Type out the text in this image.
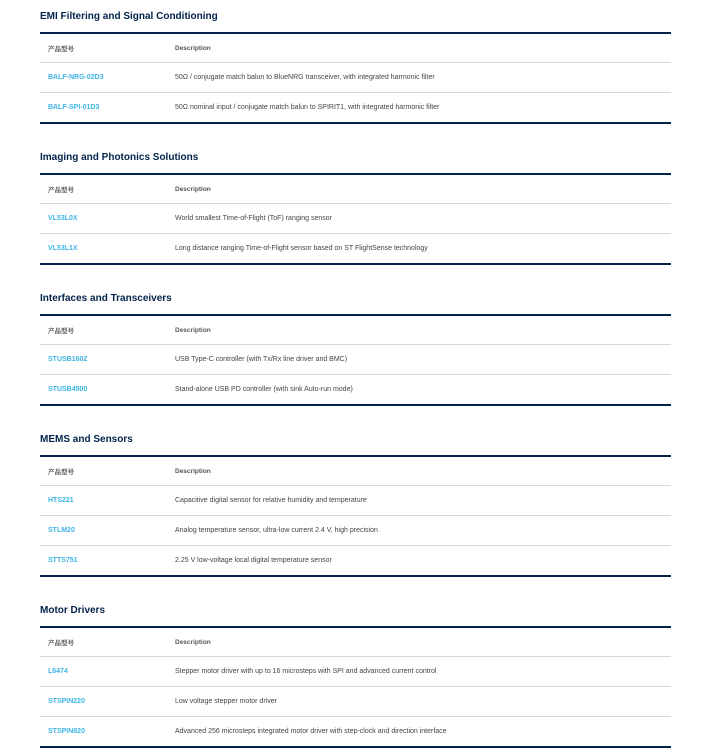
EMI Filtering and Signal Conditioning
产品型号	Description
BALF-NRG-02D3	50Ω / conjugate match balun to BlueNRG transceiver, with integrated harmonic filter
BALF-SPI-01D3	50Ω nominal input / conjugate match balun to SPIRIT1, with integrated harmonic filter
Imaging and Photonics Solutions
产品型号	Description
VL53L0X	World smallest Time-of-Flight (ToF) ranging sensor
VL53L1X	Long distance ranging Time-of-Flight sensor based on ST FlightSense technology
Interfaces and Transceivers
产品型号	Description
STUSB1602	USB Type-C controller (with Tx/Rx line driver and BMC)
STUSB4500	Stand-alone USB PD controller (with sink Auto-run mode)
MEMS and Sensors
产品型号	Description
HTS221	Capacitive digital sensor for relative humidity and temperature
STLM20	Analog temperature sensor, ultra-low current 2.4 V, high precision
STTS751	2.25 V low-voltage local digital temperature sensor
Motor Drivers
产品型号	Description
L6474	Stepper motor driver with up to 16 microsteps with SPI and advanced current control
STSPIN220	Low voltage stepper motor driver
STSPIN820	Advanced 256 microsteps integrated motor driver with step-clock and direction interface
